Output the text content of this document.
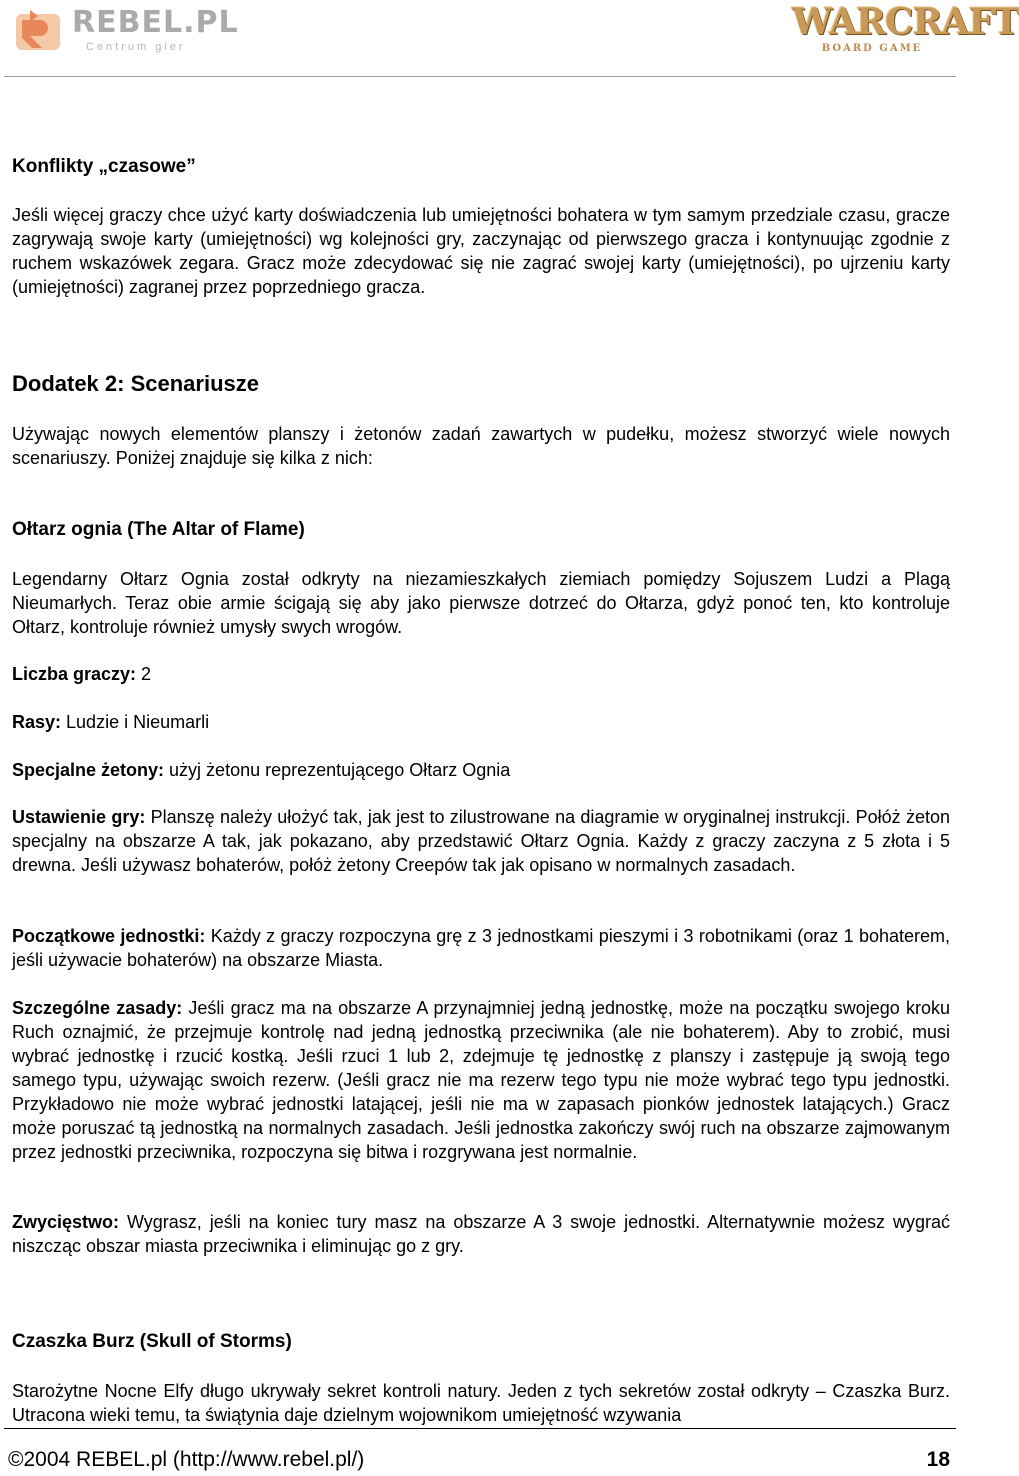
REBEL.PL
Centrum gier
WARCRAFT
BOARD GAME
Konflikty „czasowe”

Jeśli więcej graczy chce użyć karty doświadczenia lub umiejętności bohatera w tym samym przedziale czasu, gracze zagrywają swoje karty (umiejętności) wg kolejności gry, zaczynając od pierwszego gracza i kontynuując zgodnie z ruchem wskazówek zegara. Gracz może zdecydować się nie zagrać swojej karty (umiejętności), po ujrzeniu karty (umiejętności) zagranej przez poprzedniego gracza.

Dodatek 2: Scenariusze

Używając nowych elementów planszy i żetonów zadań zawartych w pudełku, możesz stworzyć wiele nowych scenariuszy. Poniżej znajduje się kilka z nich:

Ołtarz ognia (The Altar of Flame)

Legendarny Ołtarz Ognia został odkryty na niezamieszkałych ziemiach pomiędzy Sojuszem Ludzi a Plagą Nieumarłych. Teraz obie armie ścigają się aby jako pierwsze dotrzeć do Ołtarza, gdyż ponoć ten, kto kontroluje Ołtarz, kontroluje również umysły swych wrogów.

Liczba graczy: 2

Rasy: Ludzie i Nieumarli

Specjalne żetony: użyj żetonu reprezentującego Ołtarz Ognia

Ustawienie gry: Planszę należy ułożyć tak, jak jest to zilustrowane na diagramie w oryginalnej instrukcji. Połóż żeton specjalny na obszarze A tak, jak pokazano, aby przedstawić Ołtarz Ognia. Każdy z graczy zaczyna z 5 złota i 5 drewna. Jeśli używasz bohaterów, połóż żetony Creepów tak jak opisano w normalnych zasadach.

Początkowe jednostki: Każdy z graczy rozpoczyna grę z 3 jednostkami pieszymi i 3 robotnikami (oraz 1 bohaterem, jeśli używacie bohaterów) na obszarze Miasta.

Szczególne zasady: Jeśli gracz ma na obszarze A przynajmniej jedną jednostkę, może na początku swojego kroku Ruch oznajmić, że przejmuje kontrolę nad jedną jednostką przeciwnika (ale nie bohaterem). Aby to zrobić, musi wybrać jednostkę i rzucić kostką. Jeśli rzuci 1 lub 2, zdejmuje tę jednostkę z planszy i zastępuje ją swoją tego samego typu, używając swoich rezerw. (Jeśli gracz nie ma rezerw tego typu nie może wybrać tego typu jednostki. Przykładowo nie może wybrać jednostki latającej, jeśli nie ma w zapasach pionków jednostek latających.) Gracz może poruszać tą jednostką na normalnych zasadach. Jeśli jednostka zakończy swój ruch na obszarze zajmowanym przez jednostki przeciwnika, rozpoczyna się bitwa i rozgrywana jest normalnie.

Zwycięstwo: Wygrasz, jeśli na koniec tury masz na obszarze A 3 swoje jednostki. Alternatywnie możesz wygrać niszcząc obszar miasta przeciwnika i eliminując go z gry.

Czaszka Burz (Skull of Storms)

Starożytne Nocne Elfy długo ukrywały sekret kontroli natury. Jeden z tych sekretów został odkryty – Czaszka Burz. Utracona wieki temu, ta świątynia daje dzielnym wojownikom umiejętność wzywania

©2004 REBEL.pl (http://www.rebel.pl/)	18
